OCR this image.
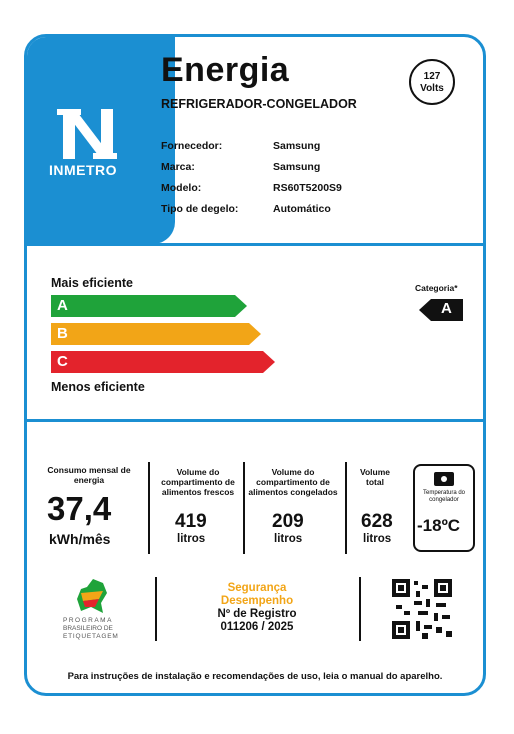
INMETRO
Energia
REFRIGERADOR-CONGELADOR
127
Volts
Fornecedor:	Samsung
Marca:	Samsung
Modelo:	RS60T5200S9
Tipo de degelo:	Automático
Mais eficiente
A
B
C
Menos eficiente
Categoria*
A
Consumo mensal de energia
37,4
kWh/mês
Volume do compartimento de alimentos frescos
419
litros
Volume do compartimento de alimentos congelados
209
litros
Volume total
628
litros
Temperatura do congelador
-18ºC
PROGRAMA
BRASILEIRO DE
ETIQUETAGEM
Segurança
Desempenho
Nº de Registro
011206 / 2025
Para instruções de instalação e recomendações de uso, leia o manual do aparelho.
